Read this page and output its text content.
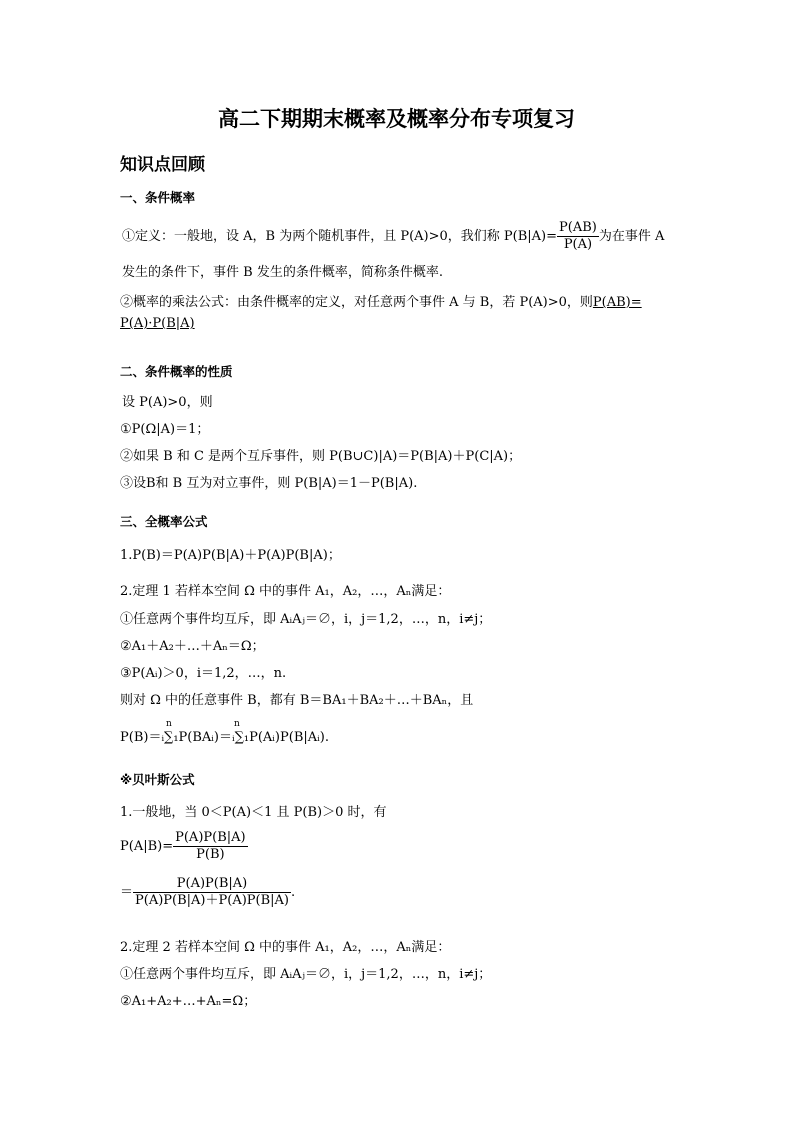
高二下期期末概率及概率分布专项复习
知识点回顾
一、条件概率
①定义：一般地，设 A，B 为两个随机事件，且 P(A)>0，我们称 $P(B|A)= \frac{P(AB)}{P(A)}$ 为在事件 A
发生的条件下，事件 B 发生的条件概率，简称条件概率.
②概率的乘法公式：由条件概率的定义，对任意两个事件 A 与 B，若 P(A)>0，则P(AB)=
P(A)·P(B|A)
二、条件概率的性质
设 P(A)>0，则
①P(Ω|A)＝1；
②如果 B 和 C 是两个互斥事件，则 P(B∪C)|A)＝P(B|A)＋P(C|A)；
③设B和 B 互为对立事件，则 P(B|A)＝1－P(B|A).
三、全概率公式
1.P(B)＝P(A)P(B|A)＋P(A)P(B|A)；
2.定理 1 若样本空间 Ω 中的事件 A₁，A₂，…，Aₙ满足：
①任意两个事件均互斥，即 AᵢAⱼ＝∅，i，j＝1,2，…，n，i≠j；
②A₁＋A₂＋…＋Aₙ＝Ω；
③P(Aᵢ)＞0，i＝1,2，…，n.
则对 Ω 中的任意事件 B，都有 B＝BA₁＋BA₂＋…＋BAₙ，且
n	n
P(B)＝ᵢ∑₁P(BAᵢ)＝ᵢ∑₁P(Aᵢ)P(B|Aᵢ).
※贝叶斯公式
1.一般地，当 0＜P(A)＜1 且 P(B)＞0 时，有
$P(A|B)= \frac{P(A)P(B|A)}{P(B)}$
＝ $\frac{P(A)P(B|A)}{P(A)P(B|A)+P(A)P(B|A)}$ .
2.定理 2 若样本空间 Ω 中的事件 A₁，A₂，…，Aₙ满足：
①任意两个事件均互斥，即 AᵢAⱼ＝∅，i，j＝1,2，…，n，i≠j；
②A₁+A₂+…+Aₙ=Ω；
